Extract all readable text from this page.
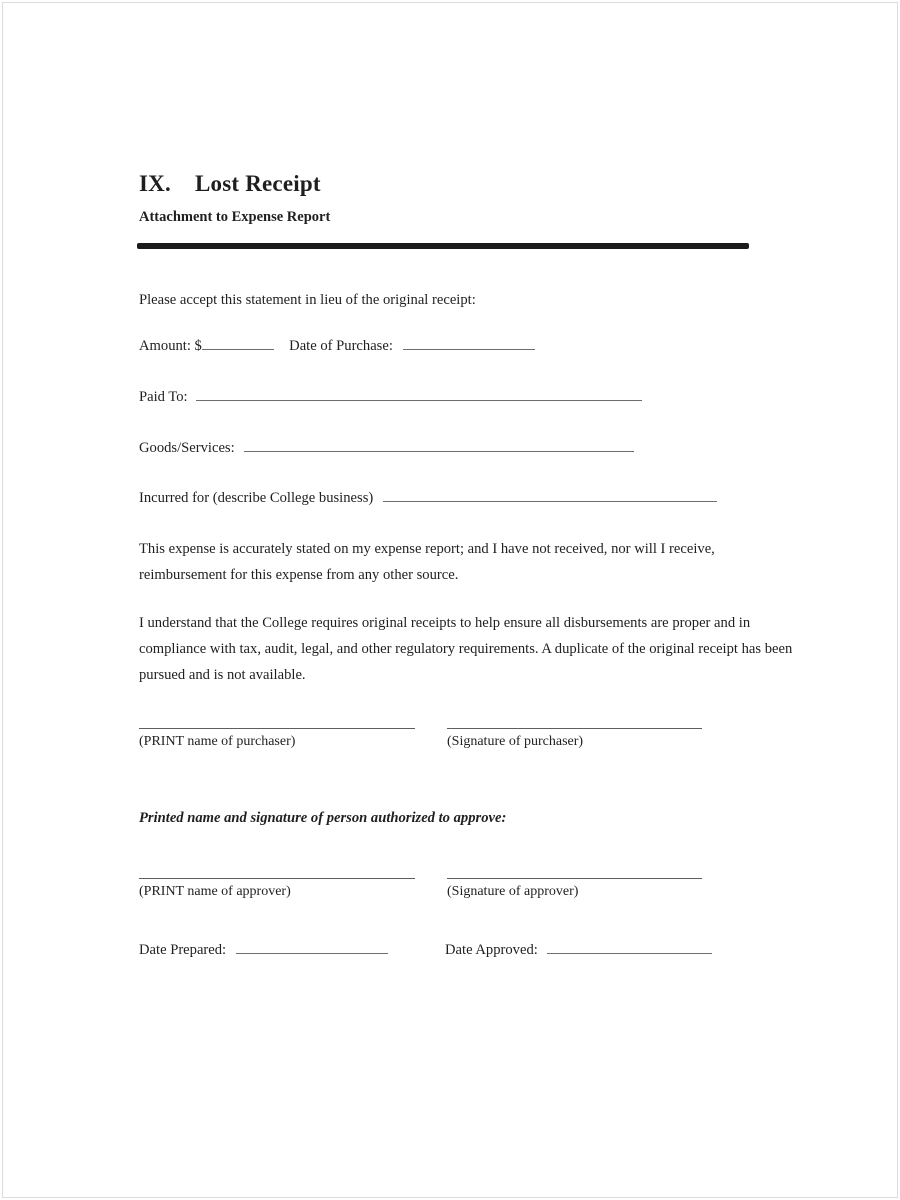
IX. Lost Receipt
Attachment to Expense Report
Please accept this statement in lieu of the original receipt:
Amount: $	Date of Purchase:
Paid To:
Goods/Services:
Incurred for (describe College business)
This expense is accurately stated on my expense report; and I have not received, nor will I receive, reimbursement for this expense from any other source.
I understand that the College requires original receipts to help ensure all disbursements are proper and in compliance with tax, audit, legal, and other regulatory requirements. A duplicate of the original receipt has been pursued and is not available.
(PRINT name of purchaser)	(Signature of purchaser)
Printed name and signature of person authorized to approve:
(PRINT name of approver)	(Signature of approver)
Date Prepared:	Date Approved:
